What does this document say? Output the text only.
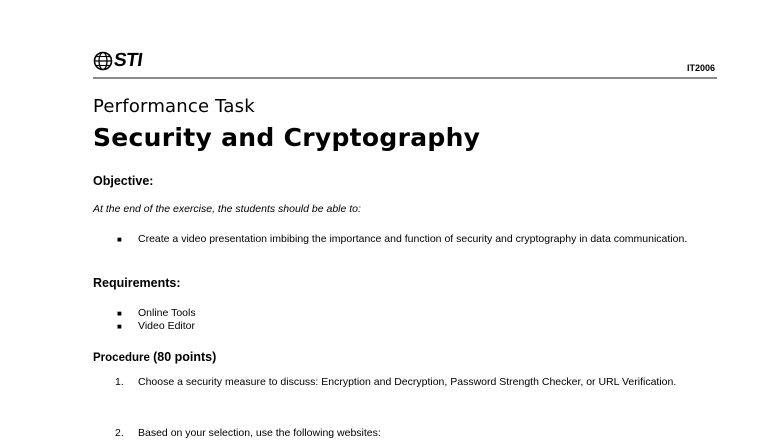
STI	IT2006
Performance Task
Security and Cryptography
Objective:
At the end of the exercise, the students should be able to:
■	Create a video presentation imbibing the importance and function of security and cryptography in data communication.
Requirements:
■	Online Tools
■	Video Editor
Procedure (80 points)
1.	Choose a security measure to discuss: Encryption and Decryption, Password Strength Checker, or URL Verification.
2.	Based on your selection, use the following websites:
